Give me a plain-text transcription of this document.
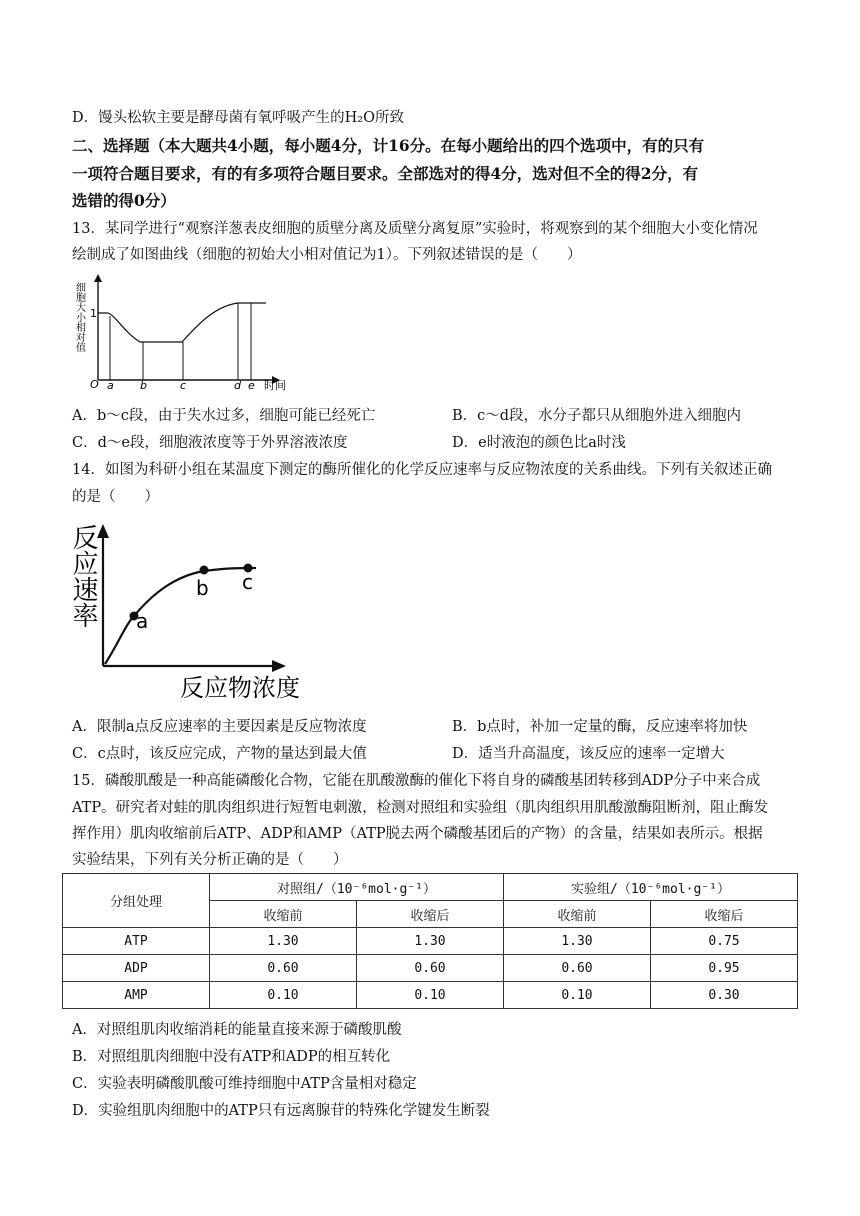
D．馒头松软主要是酵母菌有氧呼吸产生的H₂O所致
二、选择题（本大题共4小题，每小题4分，计16分。在每小题给出的四个选项中，有的只有
一项符合题目要求，有的有多项符合题目要求。全部选对的得4分，选对但不全的得2分，有
选错的得0分）
13．某同学进行“观察洋葱表皮细胞的质壁分离及质壁分离复原”实验时，将观察到的某个细胞大小变化情况
绘制成了如图曲线（细胞的初始大小相对值记为1）。下列叙述错误的是（　　）
1
细胞大小相对值
O a b	c	d e 时间
A．b～c段，由于失水过多，细胞可能已经死亡	B．c～d段，水分子都只从细胞外进入细胞内
C．d～e段，细胞液浓度等于外界溶液浓度	D．e时液泡的颜色比a时浅
14．如图为科研小组在某温度下测定的酶所催化的化学反应速率与反应物浓度的关系曲线。下列有关叙述正确
的是（　　）
反应速率 a
b c
反应物浓度
A．限制a点反应速率的主要因素是反应物浓度	B．b点时，补加一定量的酶，反应速率将加快
C．c点时，该反应完成，产物的量达到最大值	D．适当升高温度，该反应的速率一定增大
15．磷酸肌酸是一种高能磷酸化合物，它能在肌酸激酶的催化下将自身的磷酸基团转移到ADP分子中来合成
ATP。研究者对蛙的肌肉组织进行短暂电刺激，检测对照组和实验组（肌肉组织用肌酸激酶阻断剂，阻止酶发
挥作用）肌肉收缩前后ATP、ADP和AMP（ATP脱去两个磷酸基团后的产物）的含量，结果如表所示。根据
实验结果，下列有关分析正确的是（　　）
分组处理	对照组/（10⁻⁶mol·g⁻¹）		实验组/（10⁻⁶mol·g⁻¹）	
	收缩前	收缩后	收缩前	收缩后
ATP	1.30	1.30	1.30	0.75
ADP	0.60	0.60	0.60	0.95
AMP	0.10	0.10	0.10	0.30
A．对照组肌肉收缩消耗的能量直接来源于磷酸肌酸
B．对照组肌肉细胞中没有ATP和ADP的相互转化
C．实验表明磷酸肌酸可维持细胞中ATP含量相对稳定
D．实验组肌肉细胞中的ATP只有远离腺苷的特殊化学键发生断裂
